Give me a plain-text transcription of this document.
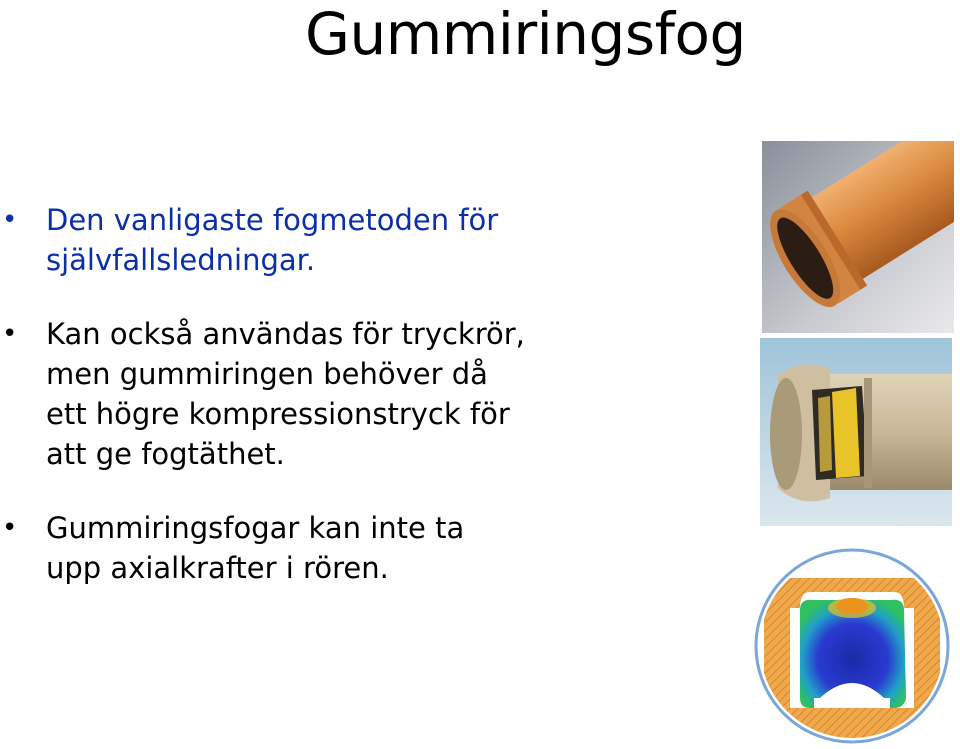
Gummiringsfog
• Den vanligaste fogmetoden för
självfallsledningar.
• Kan också användas för tryckrör,
men gummiringen behöver då
ett högre kompressionstryck för
att ge fogtäthet.
• Gummiringsfogar kan inte ta
upp axialkrafter i rören.
